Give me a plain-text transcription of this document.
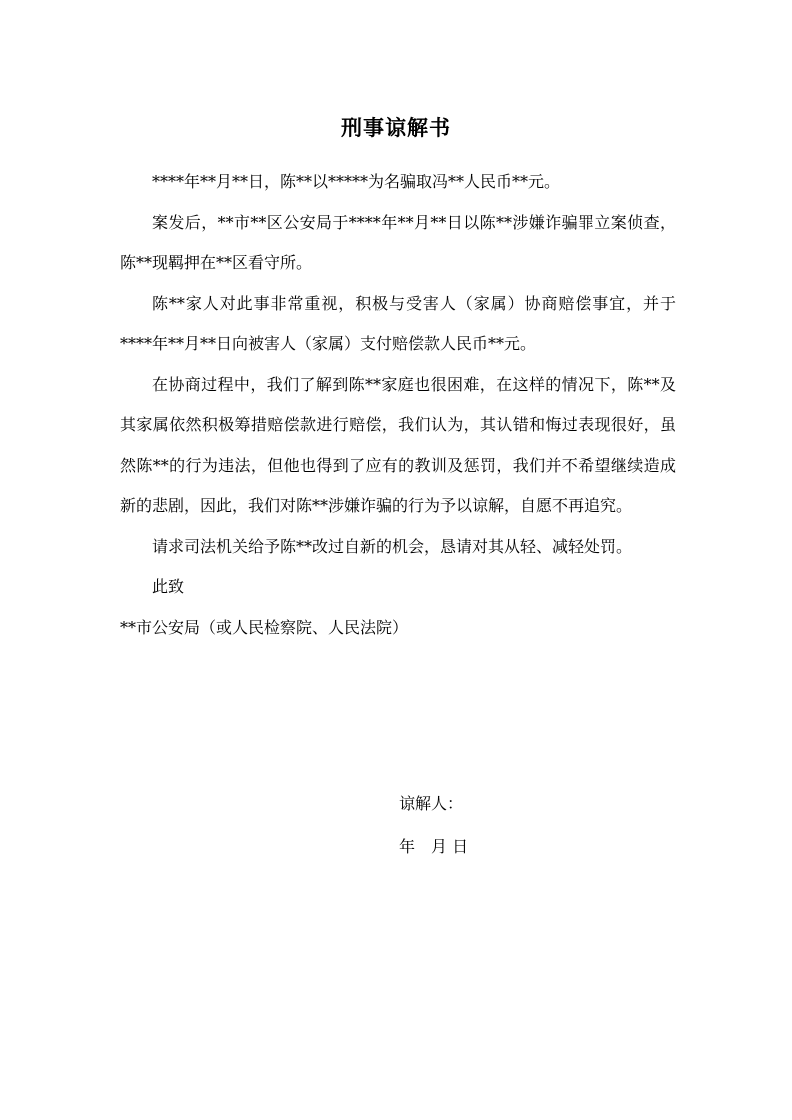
刑事谅解书

****年**月**日，陈**以*****为名骗取冯**人民币**元。

案发后，**市**区公安局于****年**月**日以陈**涉嫌诈骗罪立案侦查，陈**现羁押在**区看守所。

陈**家人对此事非常重视，积极与受害人（家属）协商赔偿事宜，并于****年**月**日向被害人（家属）支付赔偿款人民币**元。

在协商过程中，我们了解到陈**家庭也很困难，在这样的情况下，陈**及其家属依然积极筹措赔偿款进行赔偿，我们认为，其认错和悔过表现很好，虽然陈**的行为违法，但他也得到了应有的教训及惩罚，我们并不希望继续造成新的悲剧，因此，我们对陈**涉嫌诈骗的行为予以谅解，自愿不再追究。

请求司法机关给予陈**改过自新的机会，恳请对其从轻、减轻处罚。

此致

**市公安局（或人民检察院、人民法院）

谅解人：
年　月 日
